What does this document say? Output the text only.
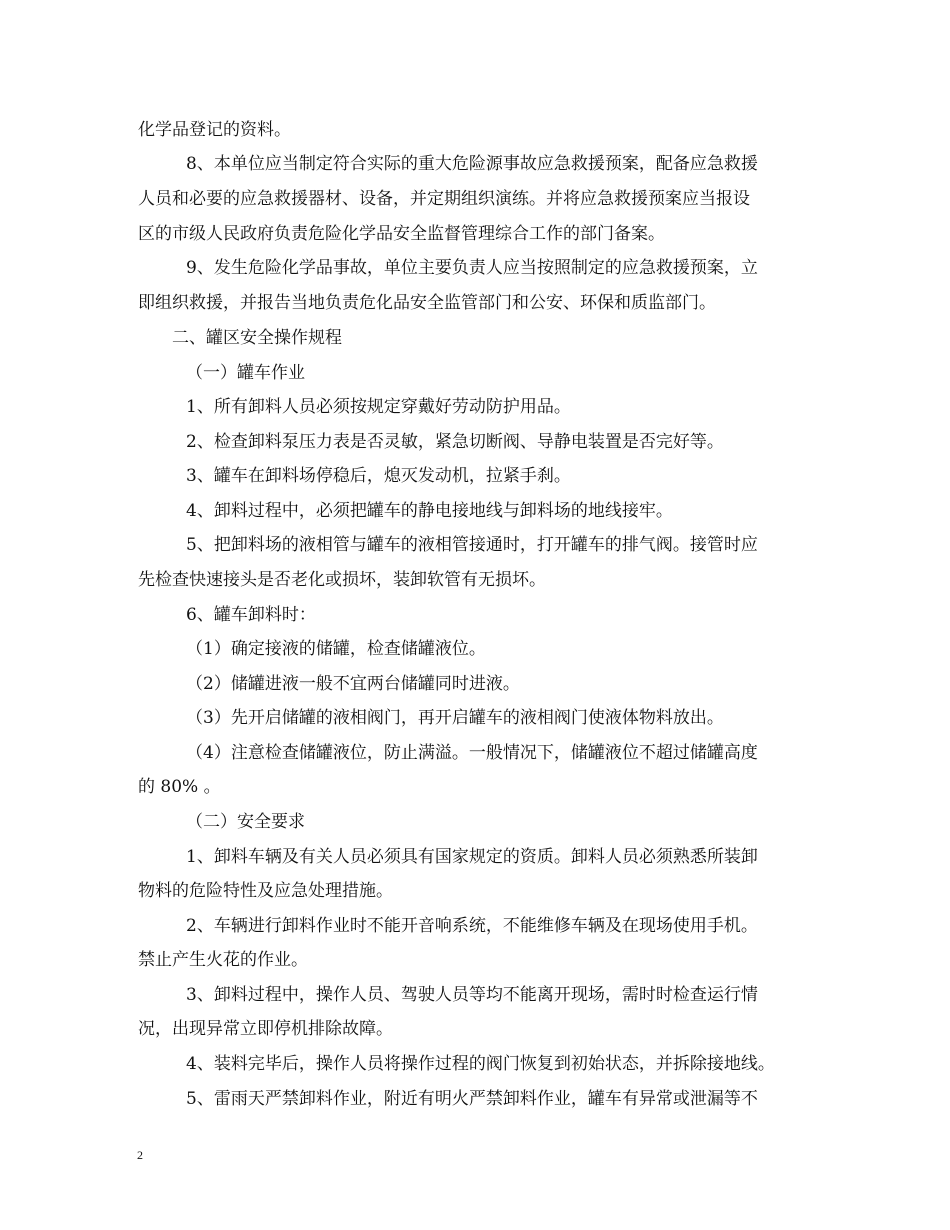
化学品登记的资料。
8、本单位应当制定符合实际的重大危险源事故应急救援预案，配备应急救援
人员和必要的应急救援器材、设备，并定期组织演练。并将应急救援预案应当报设
区的市级人民政府负责危险化学品安全监督管理综合工作的部门备案。
9、发生危险化学品事故，单位主要负责人应当按照制定的应急救援预案，立
即组织救援，并报告当地负责危化品安全监管部门和公安、环保和质监部门。
二、罐区安全操作规程
（一）罐车作业
1、所有卸料人员必须按规定穿戴好劳动防护用品。
2、检查卸料泵压力表是否灵敏，紧急切断阀、导静电装置是否完好等。
3、罐车在卸料场停稳后，熄灭发动机，拉紧手刹。
4、卸料过程中，必须把罐车的静电接地线与卸料场的地线接牢。
5、把卸料场的液相管与罐车的液相管接通时，打开罐车的排气阀。接管时应
先检查快速接头是否老化或损坏，装卸软管有无损坏。
6、罐车卸料时：
（1）确定接液的储罐，检查储罐液位。
（2）储罐进液一般不宜两台储罐同时进液。
（3）先开启储罐的液相阀门，再开启罐车的液相阀门使液体物料放出。
（4）注意检查储罐液位，防止满溢。一般情况下，储罐液位不超过储罐高度
的 80% 。
（二）安全要求
1、卸料车辆及有关人员必须具有国家规定的资质。卸料人员必须熟悉所装卸
物料的危险特性及应急处理措施。
2、车辆进行卸料作业时不能开音响系统，不能维修车辆及在现场使用手机。
禁止产生火花的作业。
3、卸料过程中，操作人员、驾驶人员等均不能离开现场，需时时检查运行情
况，出现异常立即停机排除故障。
4、装料完毕后，操作人员将操作过程的阀门恢复到初始状态，并拆除接地线。
5、雷雨天严禁卸料作业，附近有明火严禁卸料作业，罐车有异常或泄漏等不
2
